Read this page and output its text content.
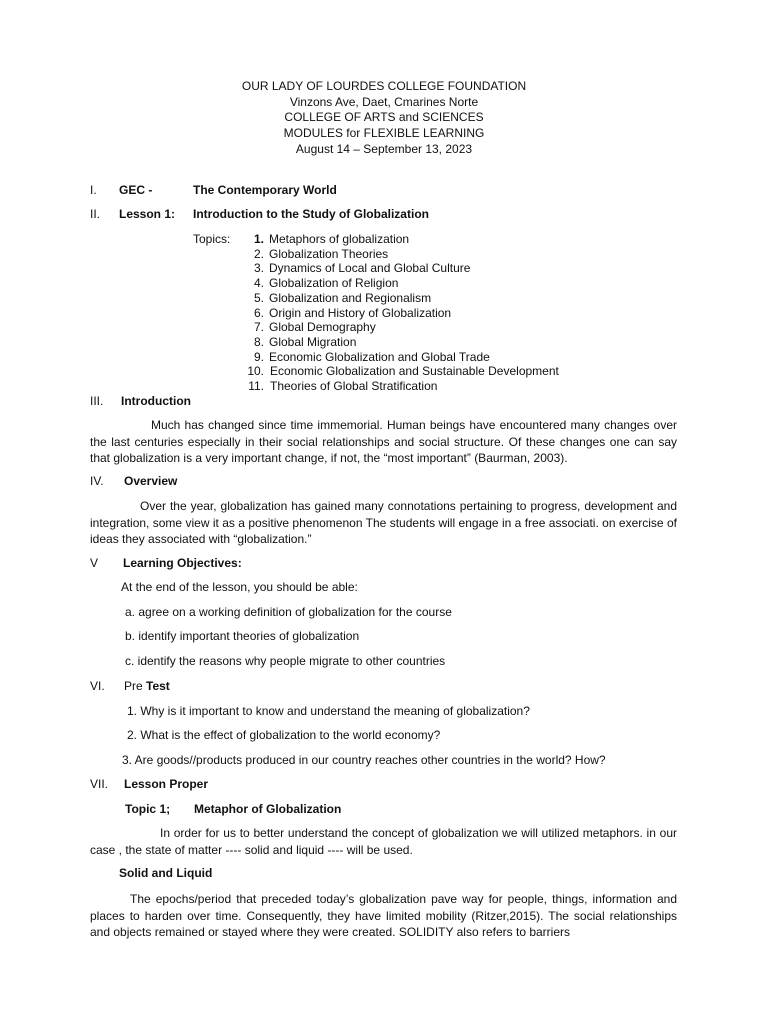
OUR LADY OF LOURDES COLLEGE FOUNDATION
Vinzons Ave, Daet, Cmarines Norte
COLLEGE OF ARTS and SCIENCES
MODULES for FLEXIBLE LEARNING
August 14 – September 13, 2023
I. GEC -	The Contemporary World
II. Lesson 1: Introduction to the Study of Globalization
Topics: 1. Metaphors of globalization
2. Globalization Theories
3. Dynamics of Local and Global Culture
4. Globalization of Religion
5. Globalization and Regionalism
6. Origin and History of Globalization
7. Global Demography
8. Global Migration
9. Economic Globalization and Global Trade
10. Economic Globalization and Sustainable Development
11. Theories of Global Stratification
III. Introduction
Much has changed since time immemorial. Human beings have encountered many changes over the last centuries especially in their social relationships and social structure. Of these changes one can say that globalization is a very important change, if not, the “most important” (Baurman, 2003).
IV. Overview
Over the year, globalization has gained many connotations pertaining to progress, development and integration, some view it as a positive phenomenon The students will engage in a free associati. on exercise of ideas they associated with “globalization.”
V Learning Objectives:
At the end of the lesson, you should be able:
a. agree on a working definition of globalization for the course
b. identify important theories of globalization
c. identify the reasons why people migrate to other countries
VI. Pre Test
1. Why is it important to know and understand the meaning of globalization?
2. What is the effect of globalization to the world economy?
3. Are goods//products produced in our country reaches other countries in the world? How?
VII. Lesson Proper
Topic 1; Metaphor of Globalization
In order for us to better understand the concept of globalization we will utilized metaphors. in our case , the state of matter ---- solid and liquid ---- will be used.
Solid and Liquid
The epochs/period that preceded today’s globalization pave way for people, things, information and places to harden over time. Consequently, they have limited mobility (Ritzer,2015). The social relationships and objects remained or stayed where they were created. SOLIDITY also refers to barriers
